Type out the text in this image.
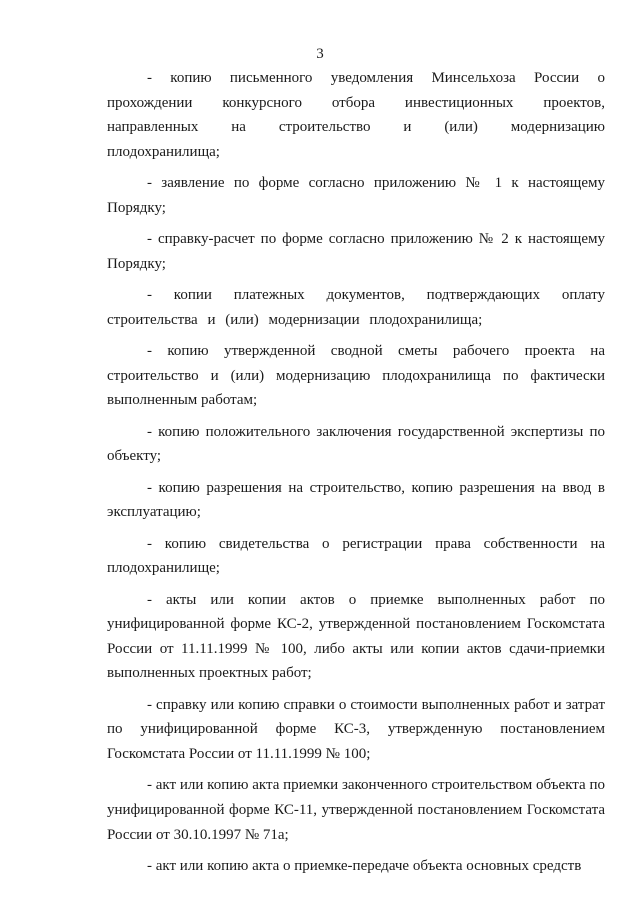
3

- копию письменного уведомления Минсельхоза России о прохождении конкурсного отбора инвестиционных проектов, направленных на строительство и (или) модернизацию плодохранилища;

- заявление по форме согласно приложению № 1 к настоящему Порядку;

- справку-расчет по форме согласно приложению № 2 к настоящему Порядку;

- копии платежных документов, подтверждающих оплату строительства и (или) модернизации плодохранилища;

- копию утвержденной сводной сметы рабочего проекта на строительство и (или) модернизацию плодохранилища по фактически выполненным работам;

- копию положительного заключения государственной экспертизы по объекту;

- копию разрешения на строительство, копию разрешения на ввод в эксплуатацию;

- копию свидетельства о регистрации права собственности на плодохранилище;

- акты или копии актов о приемке выполненных работ по унифицированной форме КС-2, утвержденной постановлением Госкомстата России от 11.11.1999 № 100, либо акты или копии актов сдачи-приемки выполненных проектных работ;

- справку или копию справки о стоимости выполненных работ и затрат по унифицированной форме КС-3, утвержденную постановлением Госкомстата России от 11.11.1999 № 100;

- акт или копию акта приемки законченного строительством объекта по унифицированной форме КС-11, утвержденной постановлением Госкомстата России от 30.10.1997 № 71а;

- акт или копию акта о приемке-передаче объекта основных средств
